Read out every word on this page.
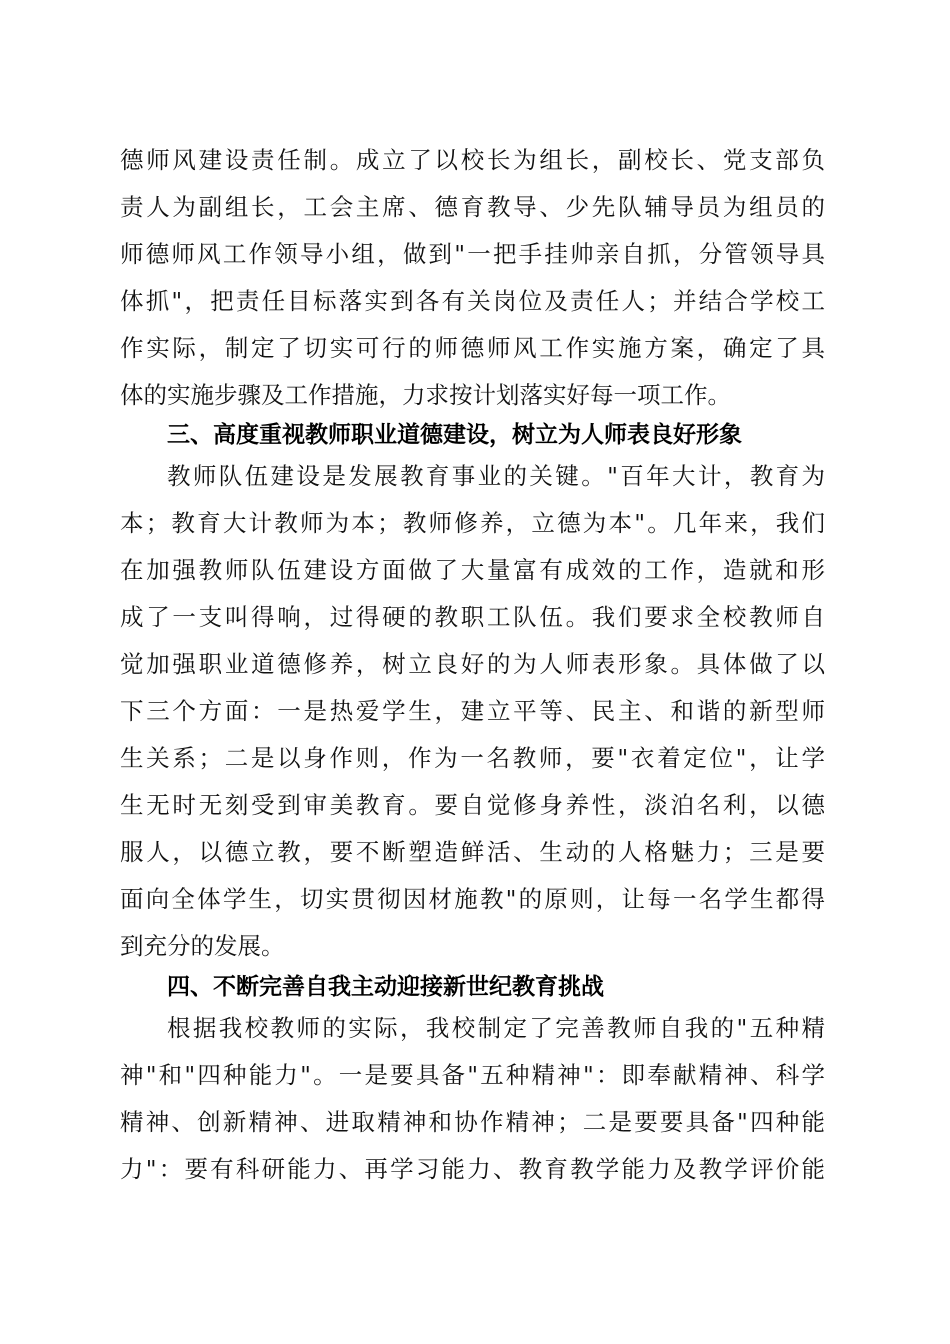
德师风建设责任制。成立了以校长为组长，副校长、党支部负
责人为副组长，工会主席、德育教导、少先队辅导员为组员的
师德师风工作领导小组，做到"一把手挂帅亲自抓，分管领导具
体抓"，把责任目标落实到各有关岗位及责任人；并结合学校工
作实际，制定了切实可行的师德师风工作实施方案，确定了具
体的实施步骤及工作措施，力求按计划落实好每一项工作。
三、高度重视教师职业道德建设，树立为人师表良好形象
教师队伍建设是发展教育事业的关键。"百年大计，教育为
本；教育大计教师为本；教师修养，立德为本"。几年来，我们
在加强教师队伍建设方面做了大量富有成效的工作，造就和形
成了一支叫得响，过得硬的教职工队伍。我们要求全校教师自
觉加强职业道德修养，树立良好的为人师表形象。具体做了以
下三个方面：一是热爱学生，建立平等、民主、和谐的新型师
生关系；二是以身作则，作为一名教师，要"衣着定位"，让学
生无时无刻受到审美教育。要自觉修身养性，淡泊名利，以德
服人，以德立教，要不断塑造鲜活、生动的人格魅力；三是要
面向全体学生，切实贯彻因材施教"的原则，让每一名学生都得
到充分的发展。
四、不断完善自我主动迎接新世纪教育挑战
根据我校教师的实际，我校制定了完善教师自我的"五种精
神"和"四种能力"。一是要具备"五种精神"：即奉献精神、科学
精神、创新精神、进取精神和协作精神；二是要要具备"四种能
力"：要有科研能力、再学习能力、教育教学能力及教学评价能
